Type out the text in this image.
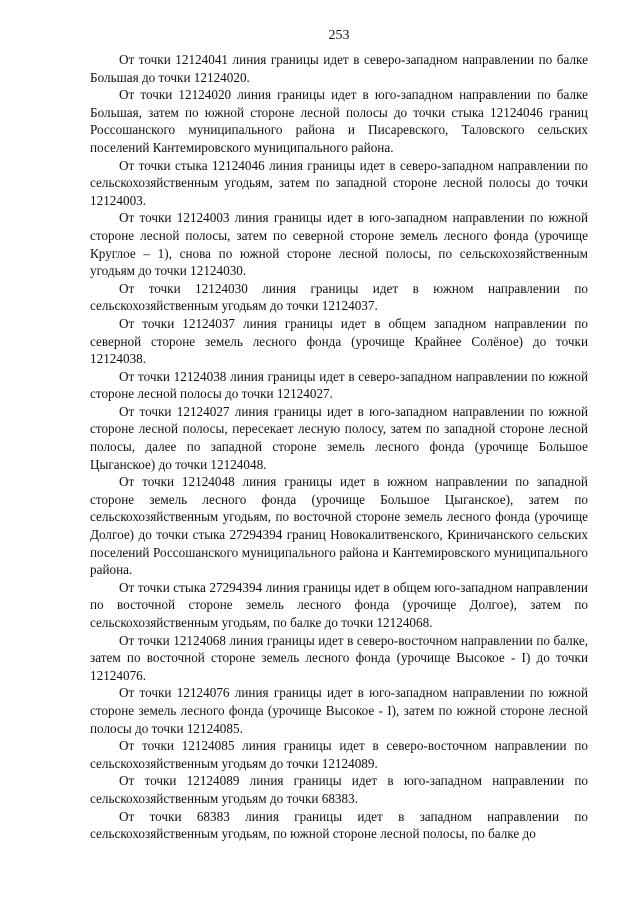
253

От точки 12124041 линия границы идет в северо-западном направлении по балке Большая до точки 12124020.

От точки 12124020 линия границы идет в юго-западном направлении по балке Большая, затем по южной стороне лесной полосы до точки стыка 12124046 границ Россошанского муниципального района и Писаревского, Таловского сельских поселений Кантемировского муниципального района.

От точки стыка 12124046 линия границы идет в северо-западном направлении по сельскохозяйственным угодьям, затем по западной стороне лесной полосы до точки 12124003.

От точки 12124003 линия границы идет в юго-западном направлении по южной стороне лесной полосы, затем по северной стороне земель лесного фонда (урочище Круглое – 1), снова по южной стороне лесной полосы, по сельскохозяйственным угодьям до точки 12124030.

От точки 12124030 линия границы идет в южном направлении по сельскохозяйственным угодьям до точки 12124037.

От точки 12124037 линия границы идет в общем западном направлении по северной стороне земель лесного фонда (урочище Крайнее Солёное) до точки 12124038.

От точки 12124038 линия границы идет в северо-западном направлении по южной стороне лесной полосы до точки 12124027.

От точки 12124027 линия границы идет в юго-западном направлении по южной стороне лесной полосы, пересекает лесную полосу, затем по западной стороне лесной полосы, далее по западной стороне земель лесного фонда (урочище Большое Цыганское) до точки 12124048.

От точки 12124048 линия границы идет в южном направлении по западной стороне земель лесного фонда (урочище Большое Цыганское), затем по сельскохозяйственным угодьям, по восточной стороне земель лесного фонда (урочище Долгое) до точки стыка 27294394 границ Новокалитвенского, Криничанского сельских поселений Россошанского муниципального района и Кантемировского муниципального района.

От точки стыка 27294394 линия границы идет в общем юго-западном направлении по восточной стороне земель лесного фонда (урочище Долгое), затем по сельскохозяйственным угодьям, по балке до точки 12124068.

От точки 12124068 линия границы идет в северо-восточном направлении по балке, затем по восточной стороне земель лесного фонда (урочище Высокое - I) до точки 12124076.

От точки 12124076 линия границы идет в юго-западном направлении по южной стороне земель лесного фонда (урочище Высокое - I), затем по южной стороне лесной полосы до точки 12124085.

От точки 12124085 линия границы идет в северо-восточном направлении по сельскохозяйственным угодьям до точки 12124089.

От точки 12124089 линия границы идет в юго-западном направлении по сельскохозяйственным угодьям до точки 68383.

От точки 68383 линия границы идет в западном направлении по сельскохозяйственным угодьям, по южной стороне лесной полосы, по балке до
